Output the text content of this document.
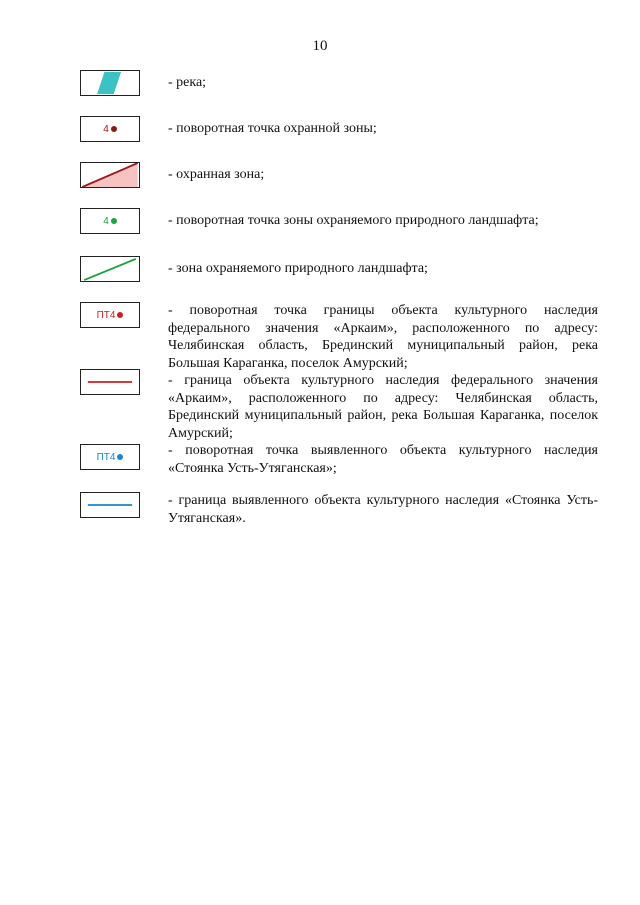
10
- река;
4	- поворотная точка охранной зоны;
- охранная зона;
4	- поворотная точка зоны охраняемого природного ландшафта;
- зона охраняемого природного ландшафта;
ПТ4	- поворотная точка границы объекта культурного наследия федерального значения «Аркаим», расположенного по адресу: Челябинская область, Брединский муниципальный район, река Большая Караганка, поселок Амурский;
- граница объекта культурного наследия федерального значения «Аркаим», расположенного по адресу: Челябинская область, Брединский муниципальный район, река Большая Караганка, поселок Амурский;
ПТ4	- поворотная точка выявленного объекта культурного наследия «Стоянка Усть-Утяганская»;
- граница выявленного объекта культурного наследия «Стоянка Усть-Утяганская».
